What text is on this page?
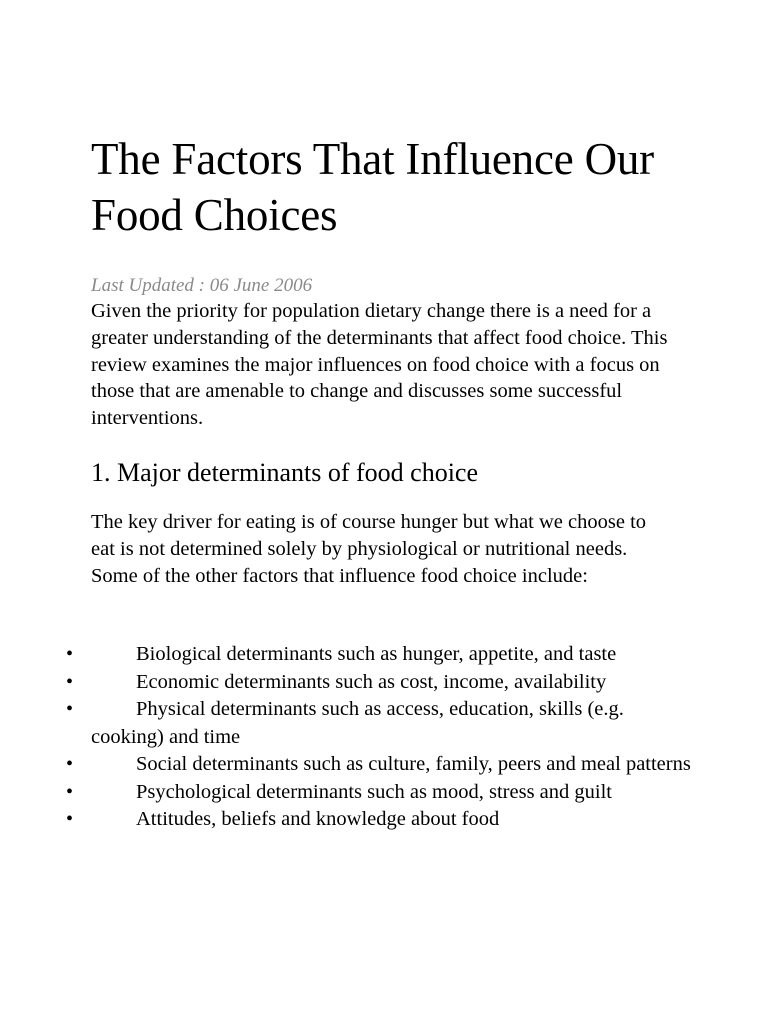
The Factors That Influence Our Food Choices

Last Updated : 06 June 2006

Given the priority for population dietary change there is a need for a greater understanding of the determinants that affect food choice. This review examines the major influences on food choice with a focus on those that are amenable to change and discusses some successful interventions.

1. Major determinants of food choice

The key driver for eating is of course hunger but what we choose to eat is not determined solely by physiological or nutritional needs. Some of the other factors that influence food choice include:

•	Biological determinants such as hunger, appetite, and taste
•	Economic determinants such as cost, income, availability
•	Physical determinants such as access, education, skills (e.g. cooking) and time
•	Social determinants such as culture, family, peers and meal patterns
•	Psychological determinants such as mood, stress and guilt
•	Attitudes, beliefs and knowledge about food
